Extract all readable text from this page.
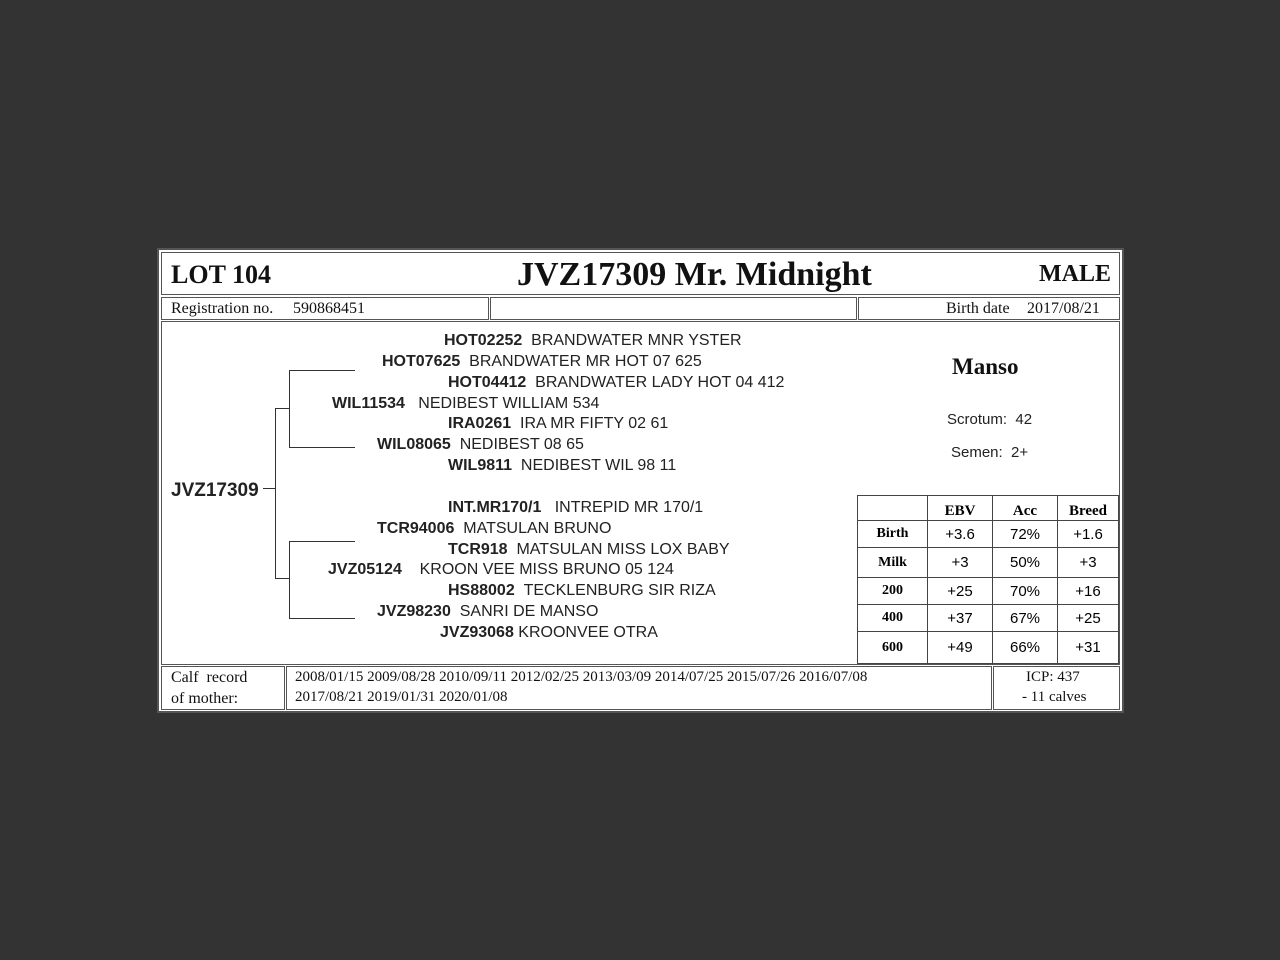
LOT 104	JVZ17309 Mr. Midnight	MALE
Registration no. 590868451	Birth date 2017/08/21
JVZ17309
HOT02252 BRANDWATER MNR YSTER
HOT07625 BRANDWATER MR HOT 07 625
HOT04412 BRANDWATER LADY HOT 04 412
WIL11534 NEDIBEST WILLIAM 534
IRA0261 IRA MR FIFTY 02 61
WIL08065 NEDIBEST 08 65
WIL9811 NEDIBEST WIL 98 11
INT.MR170/1 INTREPID MR 170/1
TCR94006 MATSULAN BRUNO
TCR918 MATSULAN MISS LOX BABY
JVZ05124 KROON VEE MISS BRUNO 05 124
HS88002 TECKLENBURG SIR RIZA
JVZ98230 SANRI DE MANSO
JVZ93068 KROONVEE OTRA
Manso
Scrotum: 42
Semen: 2+
	EBV	Acc	Breed
Birth	+3.6	72%	+1.6
Milk	+3	50%	+3
200	+25	70%	+16
400	+37	67%	+25
600	+49	66%	+31
Calf  record
of mother:
2008/01/15 2009/08/28 2010/09/11 2012/02/25 2013/03/09 2014/07/25 2015/07/26 2016/07/08
2017/08/21 2019/01/31 2020/01/08
ICP: 437
- 11 calves
